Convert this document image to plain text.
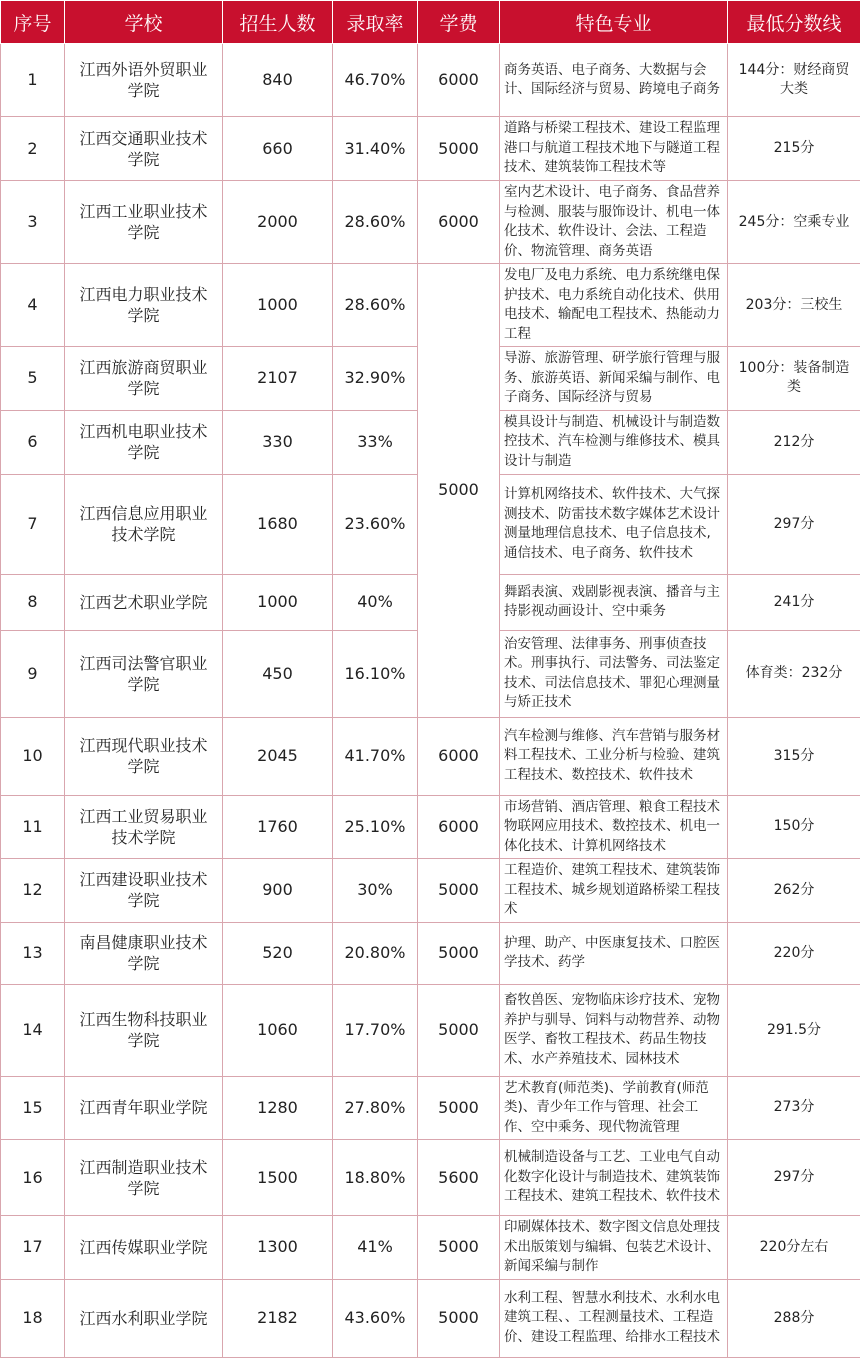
序号	学校	招生人数	录取率	学费	特色专业	最低分数线
1	江西外语外贸职业学院	840	46.70%	6000	商务英语、电子商务、大数据与会计、国际经济与贸易、跨境电子商务	144分：财经商贸大类
2	江西交通职业技术学院	660	31.40%	5000	道路与桥梁工程技术、建设工程监理港口与航道工程技术地下与隧道工程技术、建筑装饰工程技术等	215分
3	江西工业职业技术学院	2000	28.60%	6000	室内艺术设计、电子商务、食品营养与检测、服装与服饰设计、机电一体化技术、软件设计、会法、工程造价、物流管理、商务英语	245分：空乘专业
4	江西电力职业技术学院	1000	28.60%	5000	发电厂及电力系统、电力系统继电保护技术、电力系统自动化技术、供用电技术、输配电工程技术、热能动力工程	203分：三校生
5	江西旅游商贸职业学院	2107	32.90%		导游、旅游管理、研学旅行管理与服务、旅游英语、新闻采编与制作、电子商务、国际经济与贸易	100分：装备制造类
6	江西机电职业技术学院	330	33%		模具设计与制造、机械设计与制造数控技术、汽车检测与维修技术、模具设计与制造	212分
7	江西信息应用职业技术学院	1680	23.60%		计算机网络技术、软件技术、大气探测技术、防雷技术数字媒体艺术设计测量地理信息技术、电子信息技术,通信技术、电子商务、软件技术	297分
8	江西艺术职业学院	1000	40%		舞蹈表演、戏剧影视表演、播音与主持影视动画设计、空中乘务	241分
9	江西司法警官职业学院	450	16.10%		治安管理、法律事务、刑事侦查技术。刑事执行、司法警务、司法鉴定技术、司法信息技术、罪犯心理测量与矫正技术	体育类：232分
10	江西现代职业技术学院	2045	41.70%	6000	汽车检测与维修、汽车营销与服务材料工程技术、工业分析与检验、建筑工程技术、数控技术、软件技术	315分
11	江西工业贸易职业技术学院	1760	25.10%	6000	市场营销、酒店管理、粮食工程技术物联网应用技术、数控技术、机电一体化技术、计算机网络技术	150分
12	江西建设职业技术学院	900	30%	5000	工程造价、建筑工程技术、建筑装饰工程技术、城乡规划道路桥梁工程技术	262分
13	南昌健康职业技术学院	520	20.80%	5000	护理、助产、中医康复技术、口腔医学技术、药学	220分
14	江西生物科技职业学院	1060	17.70%	5000	畜牧兽医、宠物临床诊疗技术、宠物养护与驯导、饲料与动物营养、动物医学、畜牧工程技术、药品生物技术、水产养殖技术、园林技术	291.5分
15	江西青年职业学院	1280	27.80%	5000	艺术教育(师范类)、学前教育(师范类)、青少年工作与管理、社会工作、空中乘务、现代物流管理	273分
16	江西制造职业技术学院	1500	18.80%	5600	机械制造设备与工艺、工业电气自动化数字化设计与制造技术、建筑装饰工程技术、建筑工程技术、软件技术	297分
17	江西传媒职业学院	1300	41%	5000	印刷媒体技术、数字图文信息处理技术出版策划与编辑、包装艺术设计、新闻采编与制作	220分左右
18	江西水利职业学院	2182	43.60%	5000	水利工程、智慧水利技术、水利水电建筑工程、、工程测量技术、工程造价、建设工程监理、给排水工程技术	288分
